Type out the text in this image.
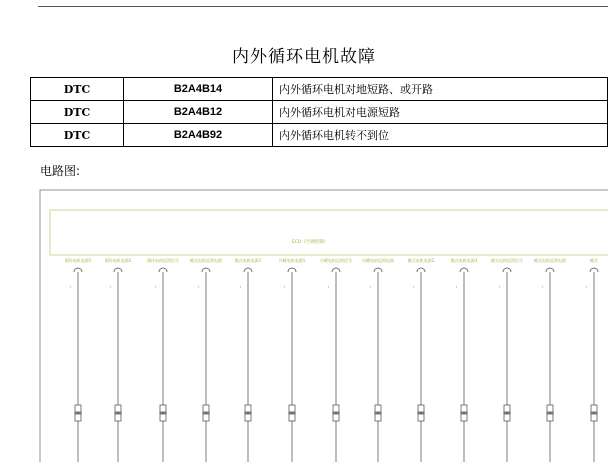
内外循环电机故障
DTC	B2A4B14	内外循环电机对地短路、或开路
DTC	B2A4B12	内外循环电机对电源短路
DTC	B2A4B92	内外循环电机转不到位
电路图:
ECU（空调控制）
循环电机电源1	循环电机电源2	循环电机反馈信号	模式电机反馈电源	模式电机电源1	冷暖电机电源1	冷暖电机反馈信号	冷暖电机反馈电源	模式电机电源2	模式电机电源3	模式电机反馈信号	模式电机反馈电源	模式
